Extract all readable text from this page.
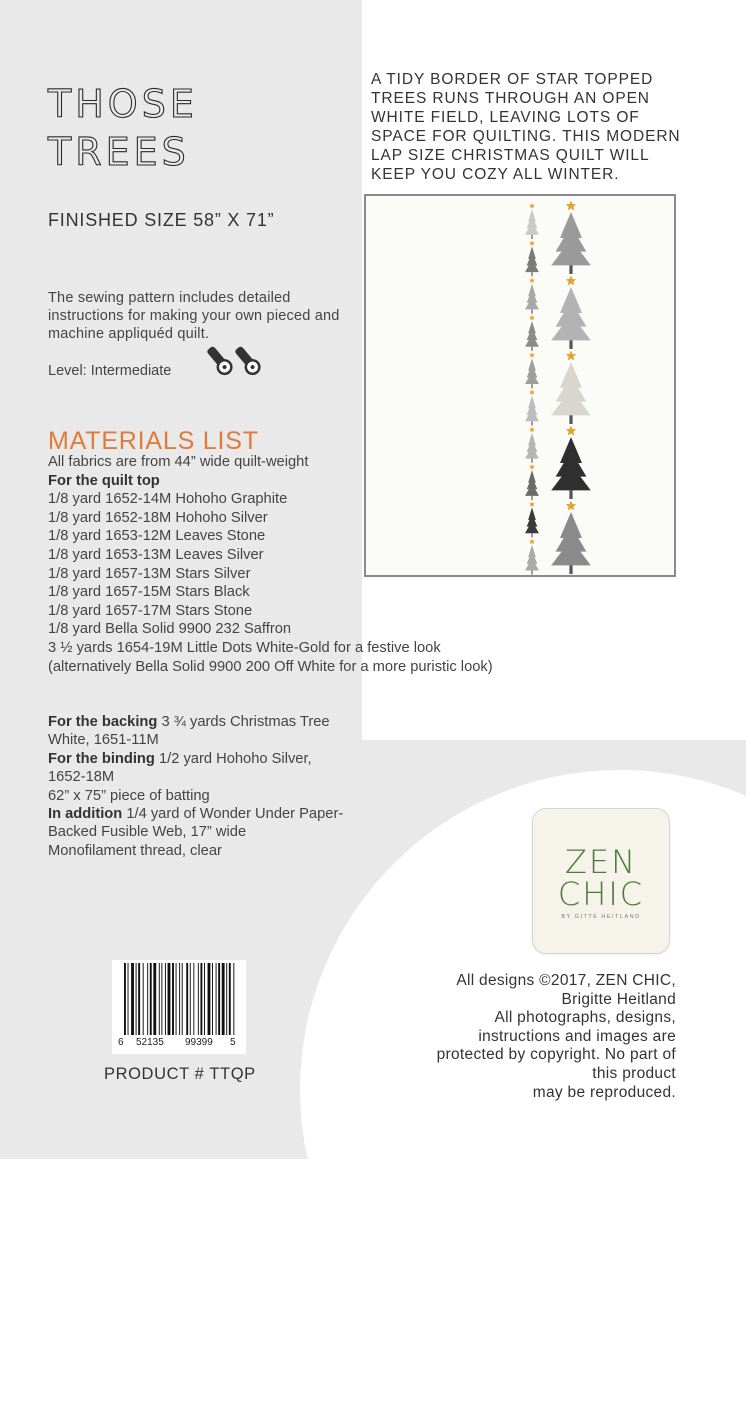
THOSE
TREES
FINISHED SIZE 58” X 71”
The sewing pattern includes detailed instructions for making your own pieced and machine appliquéd quilt.
Level: Intermediate
MATERIALS LIST
All fabrics are from 44” wide quilt-weight
For the quilt top
1/8 yard 1652-14M Hohoho Graphite
1/8 yard 1652-18M Hohoho Silver
1/8 yard 1653-12M Leaves Stone
1/8 yard 1653-13M Leaves Silver
1/8 yard 1657-13M Stars Silver
1/8 yard 1657-15M Stars Black
1/8 yard 1657-17M Stars Stone
1/8 yard Bella Solid 9900 232 Saffron
3 ½ yards 1654-19M Little Dots White-Gold for a festive look
(alternatively Bella Solid 9900 200 Off White for a more puristic look)
For the backing 3 ¾ yards Christmas Tree White, 1651-11M
For the binding 1/2 yard Hohoho Silver, 1652-18M
62” x 75” piece of batting
In addition 1/4 yard of Wonder Under Paper-Backed Fusible Web, 17” wide
Monofilament thread, clear
A TIDY BORDER OF STAR TOPPED TREES RUNS THROUGH AN OPEN WHITE FIELD, LEAVING LOTS OF SPACE FOR QUILTING. THIS MODERN LAP SIZE CHRISTMAS QUILT WILL KEEP YOU COZY ALL WINTER.
ZEN
CHIC
BY GITTE HEITLAND
All designs ©2017, ZEN CHIC,
Brigitte Heitland
All photographs, designs,
instructions and images are
protected by copyright. No part of
this product
may be reproduced.
6 52135 99399 5
PRODUCT # TTQP
